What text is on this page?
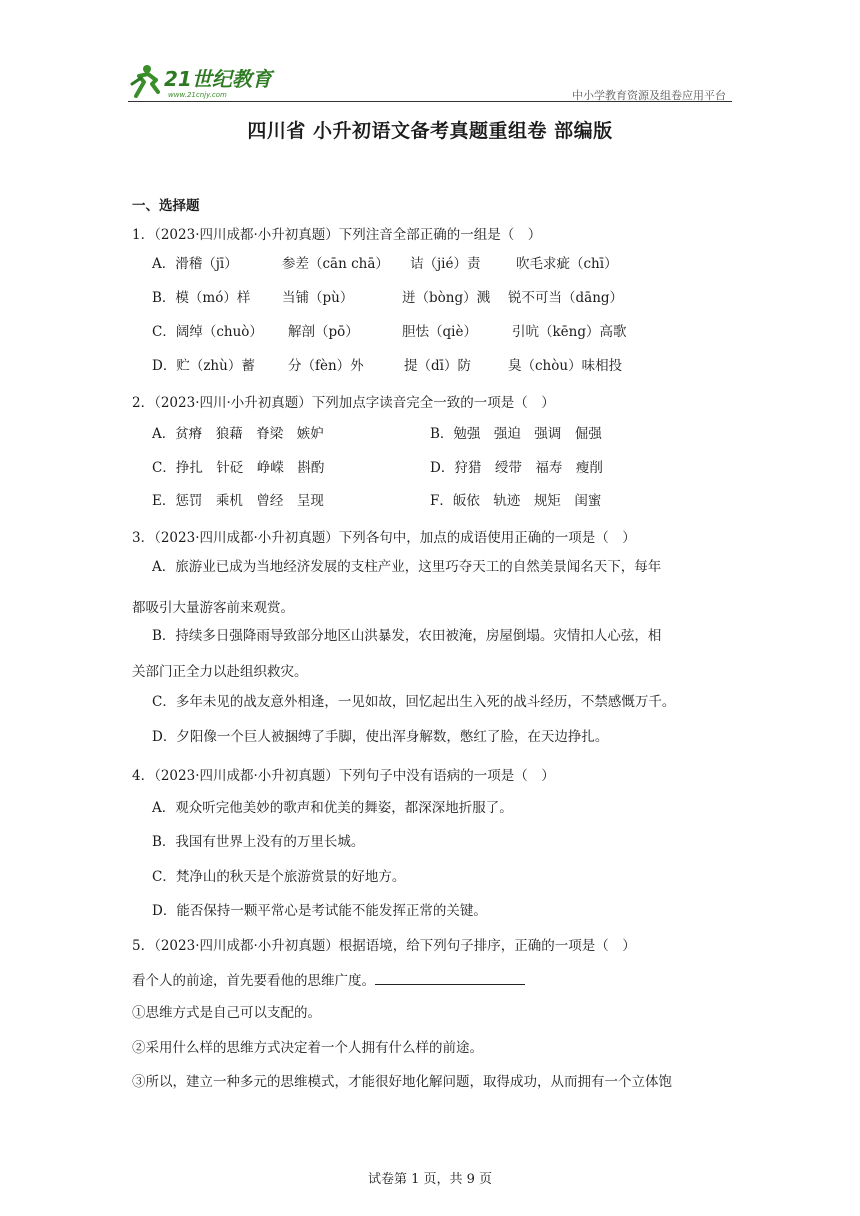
21世纪教育
www.21cnjy.com	中小学教育资源及组卷应用平台
四川省 小升初语文备考真题重组卷 部编版
一、选择题
1．（2023·四川成都·小升初真题）下列注音全部正确的一组是（　）
A．滑稽（jī）	参差（cān chā） 诘（jié）责	吹毛求疵（chī）
B．模（mó）样 当铺（pù）	迸（bòng）溅 锐不可当（dāng）
C．阔绰（chuò） 解剖（pō）	胆怯（qiè）	引吭（kēng）高歌
D．贮（zhù）蓄 分（fèn）外	提（dī）防	臭（chòu）味相投
2．（2023·四川·小升初真题）下列加点字读音完全一致的一项是（　）
A．贫瘠　狼藉　脊梁　嫉妒	B．勉强　强迫　强调　倔强
C．挣扎　针砭　峥嵘　斟酌	D．狩猎　绶带　福寿　瘦削
E．惩罚　乘机　曾经　呈现	F．皈依　轨迹　规矩　闺蜜
3．（2023·四川成都·小升初真题）下列各句中，加点的成语使用正确的一项是（　）
A．旅游业已成为当地经济发展的支柱产业，这里巧夺天工的自然美景闻名天下，每年
都吸引大量游客前来观赏。
B．持续多日强降雨导致部分地区山洪暴发，农田被淹，房屋倒塌。灾情扣人心弦，相
关部门正全力以赴组织救灾。
C．多年未见的战友意外相逢，一见如故，回忆起出生入死的战斗经历，不禁感慨万千。
D．夕阳像一个巨人被捆缚了手脚，使出浑身解数，憋红了脸，在天边挣扎。
4．（2023·四川成都·小升初真题）下列句子中没有语病的一项是（　）
A．观众听完他美妙的歌声和优美的舞姿，都深深地折服了。
B．我国有世界上没有的万里长城。
C．梵净山的秋天是个旅游赏景的好地方。
D．能否保持一颗平常心是考试能不能发挥正常的关键。
5．（2023·四川成都·小升初真题）根据语境，给下列句子排序，正确的一项是（　）
看个人的前途，首先要看他的思维广度。
①思维方式是自己可以支配的。
②采用什么样的思维方式决定着一个人拥有什么样的前途。
③所以，建立一种多元的思维模式，才能很好地化解问题，取得成功，从而拥有一个立体饱
试卷第 1 页，共 9 页
